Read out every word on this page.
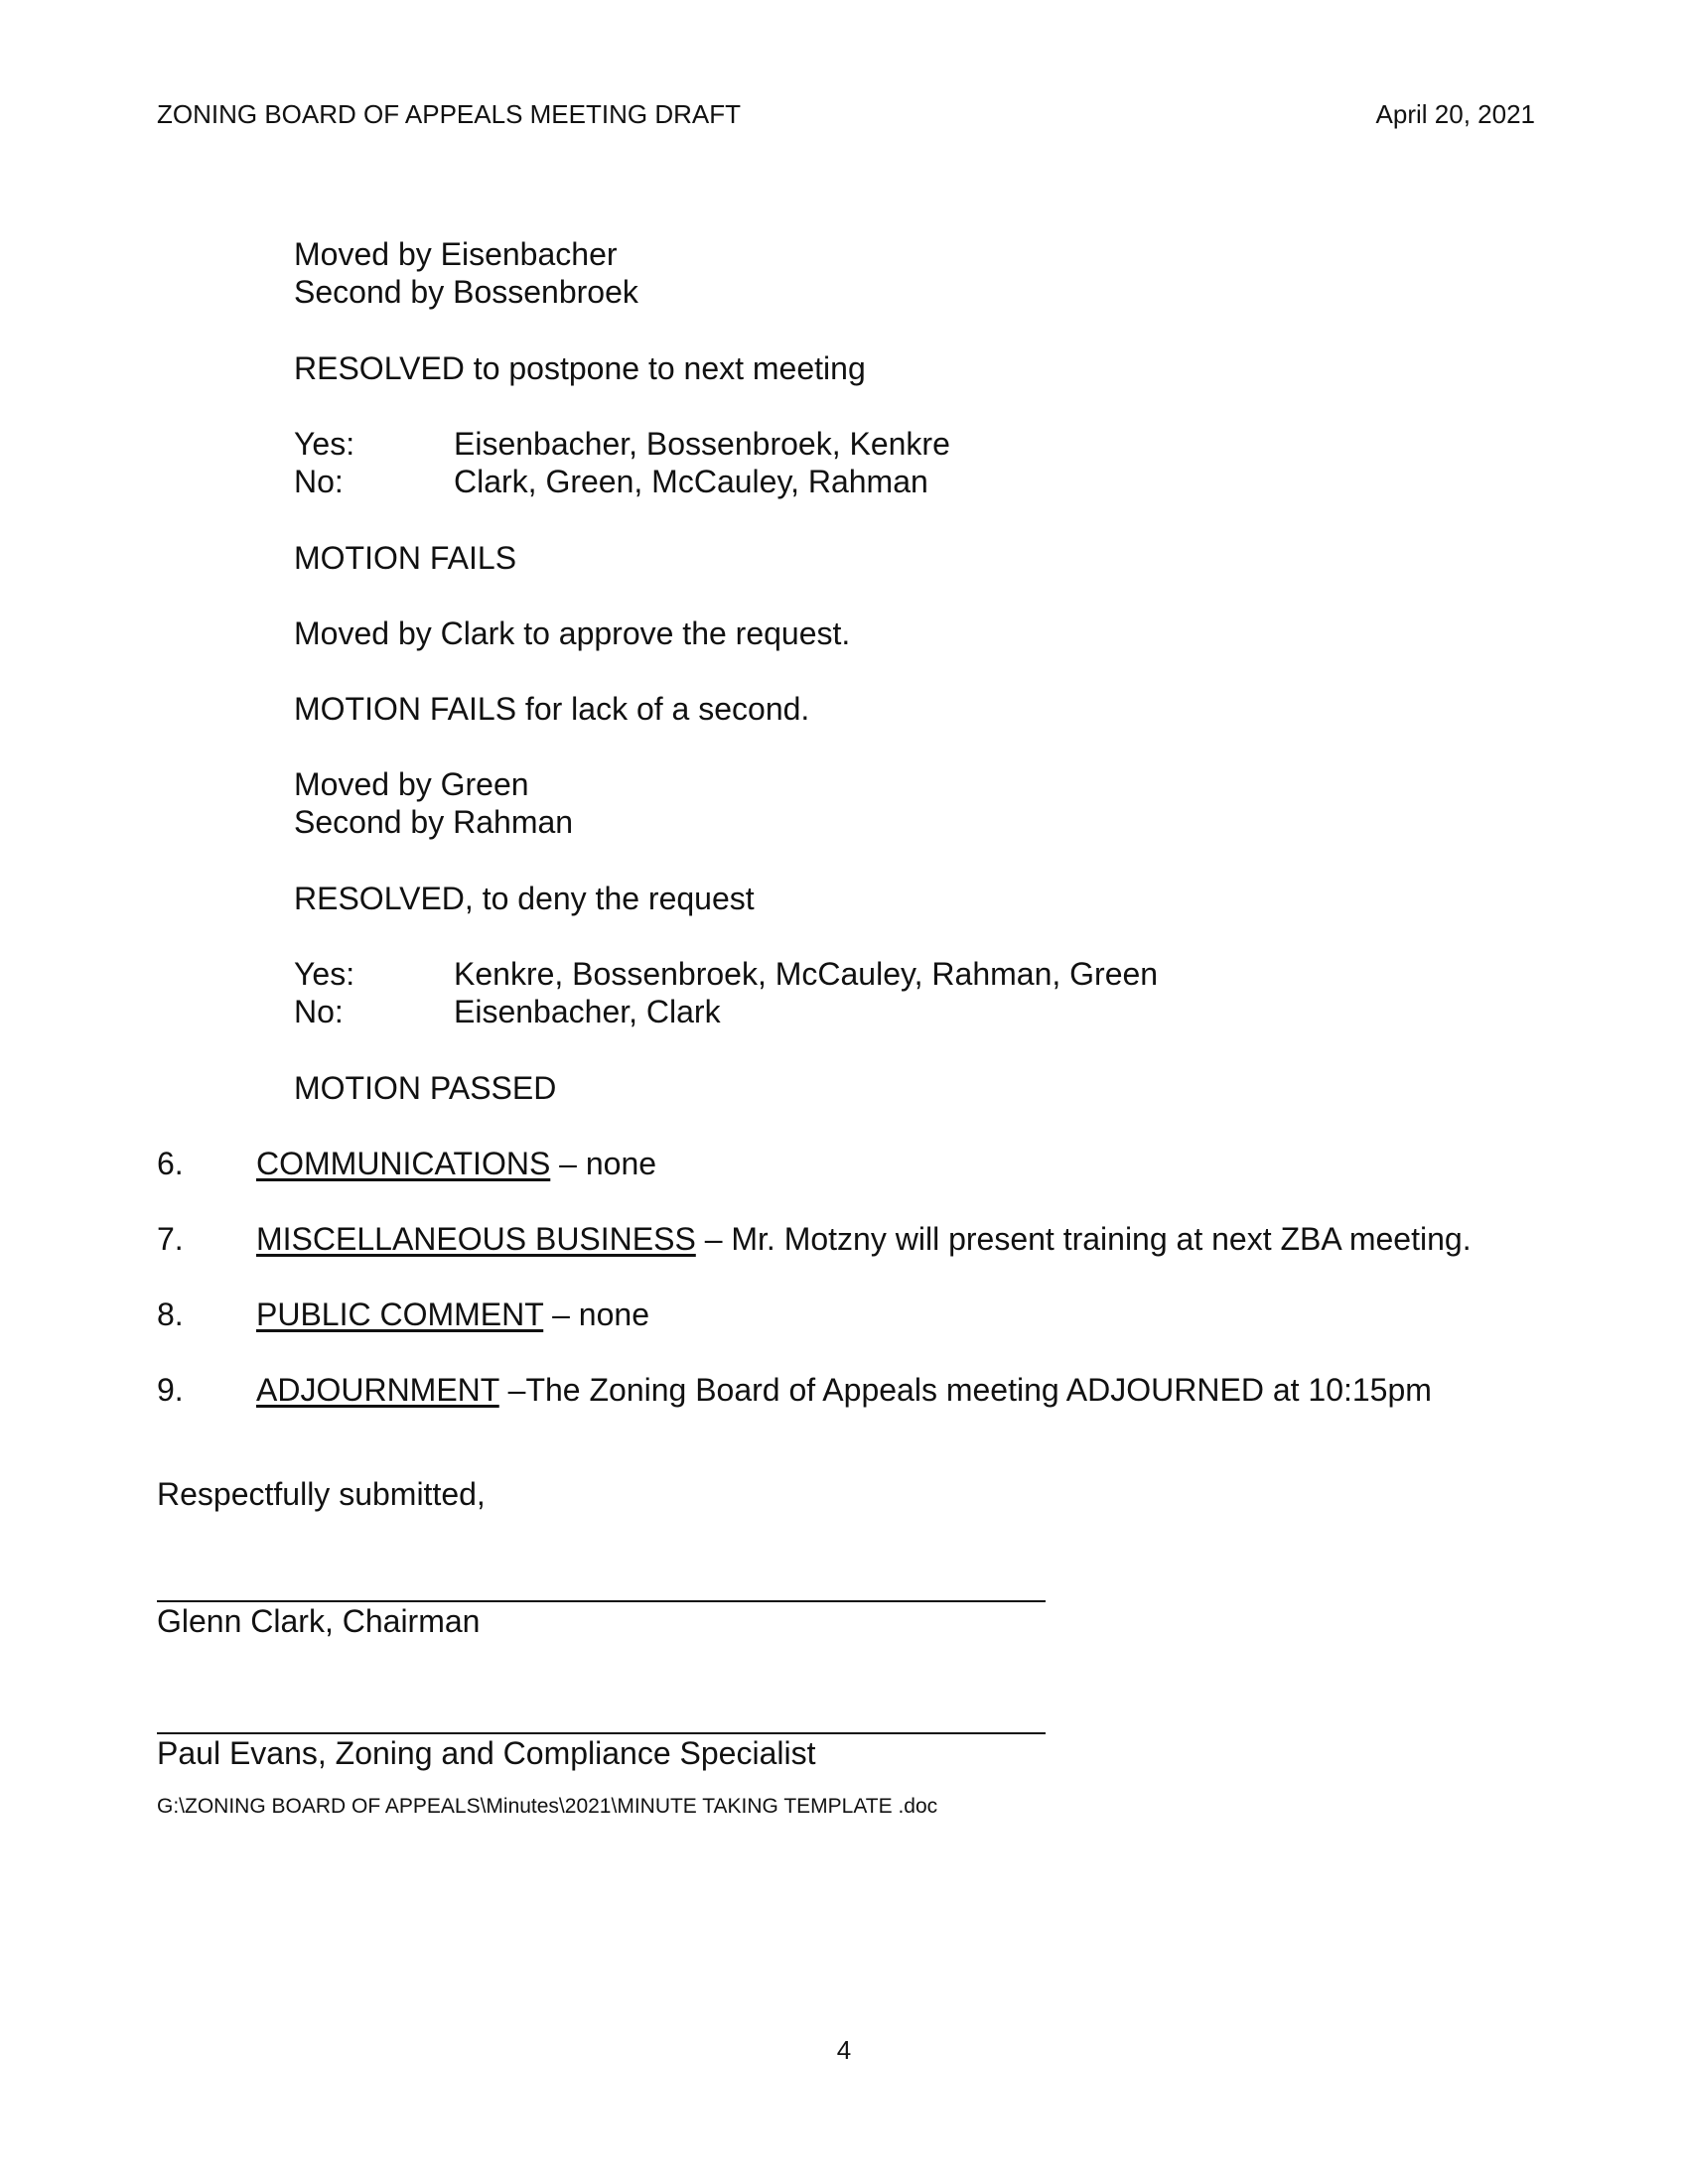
ZONING BOARD OF APPEALS MEETING DRAFT	April 20, 2021
Moved by Eisenbacher
Second by Bossenbroek
RESOLVED to postpone to next meeting
Yes:	Eisenbacher, Bossenbroek, Kenkre
No:	Clark, Green, McCauley, Rahman
MOTION FAILS
Moved by Clark to approve the request.
MOTION FAILS for lack of a second.
Moved by Green
Second by Rahman
RESOLVED, to deny the request
Yes:	Kenkre, Bossenbroek, McCauley, Rahman, Green
No:	Eisenbacher, Clark
MOTION PASSED
6. COMMUNICATIONS – none
7. MISCELLANEOUS BUSINESS – Mr. Motzny will present training at next ZBA meeting.
8. PUBLIC COMMENT – none
9. ADJOURNMENT –The Zoning Board of Appeals meeting ADJOURNED at 10:15pm
Respectfully submitted,
Glenn Clark, Chairman
Paul Evans, Zoning and Compliance Specialist
G:\ZONING BOARD OF APPEALS\Minutes\2021\MINUTE TAKING TEMPLATE .doc
4
